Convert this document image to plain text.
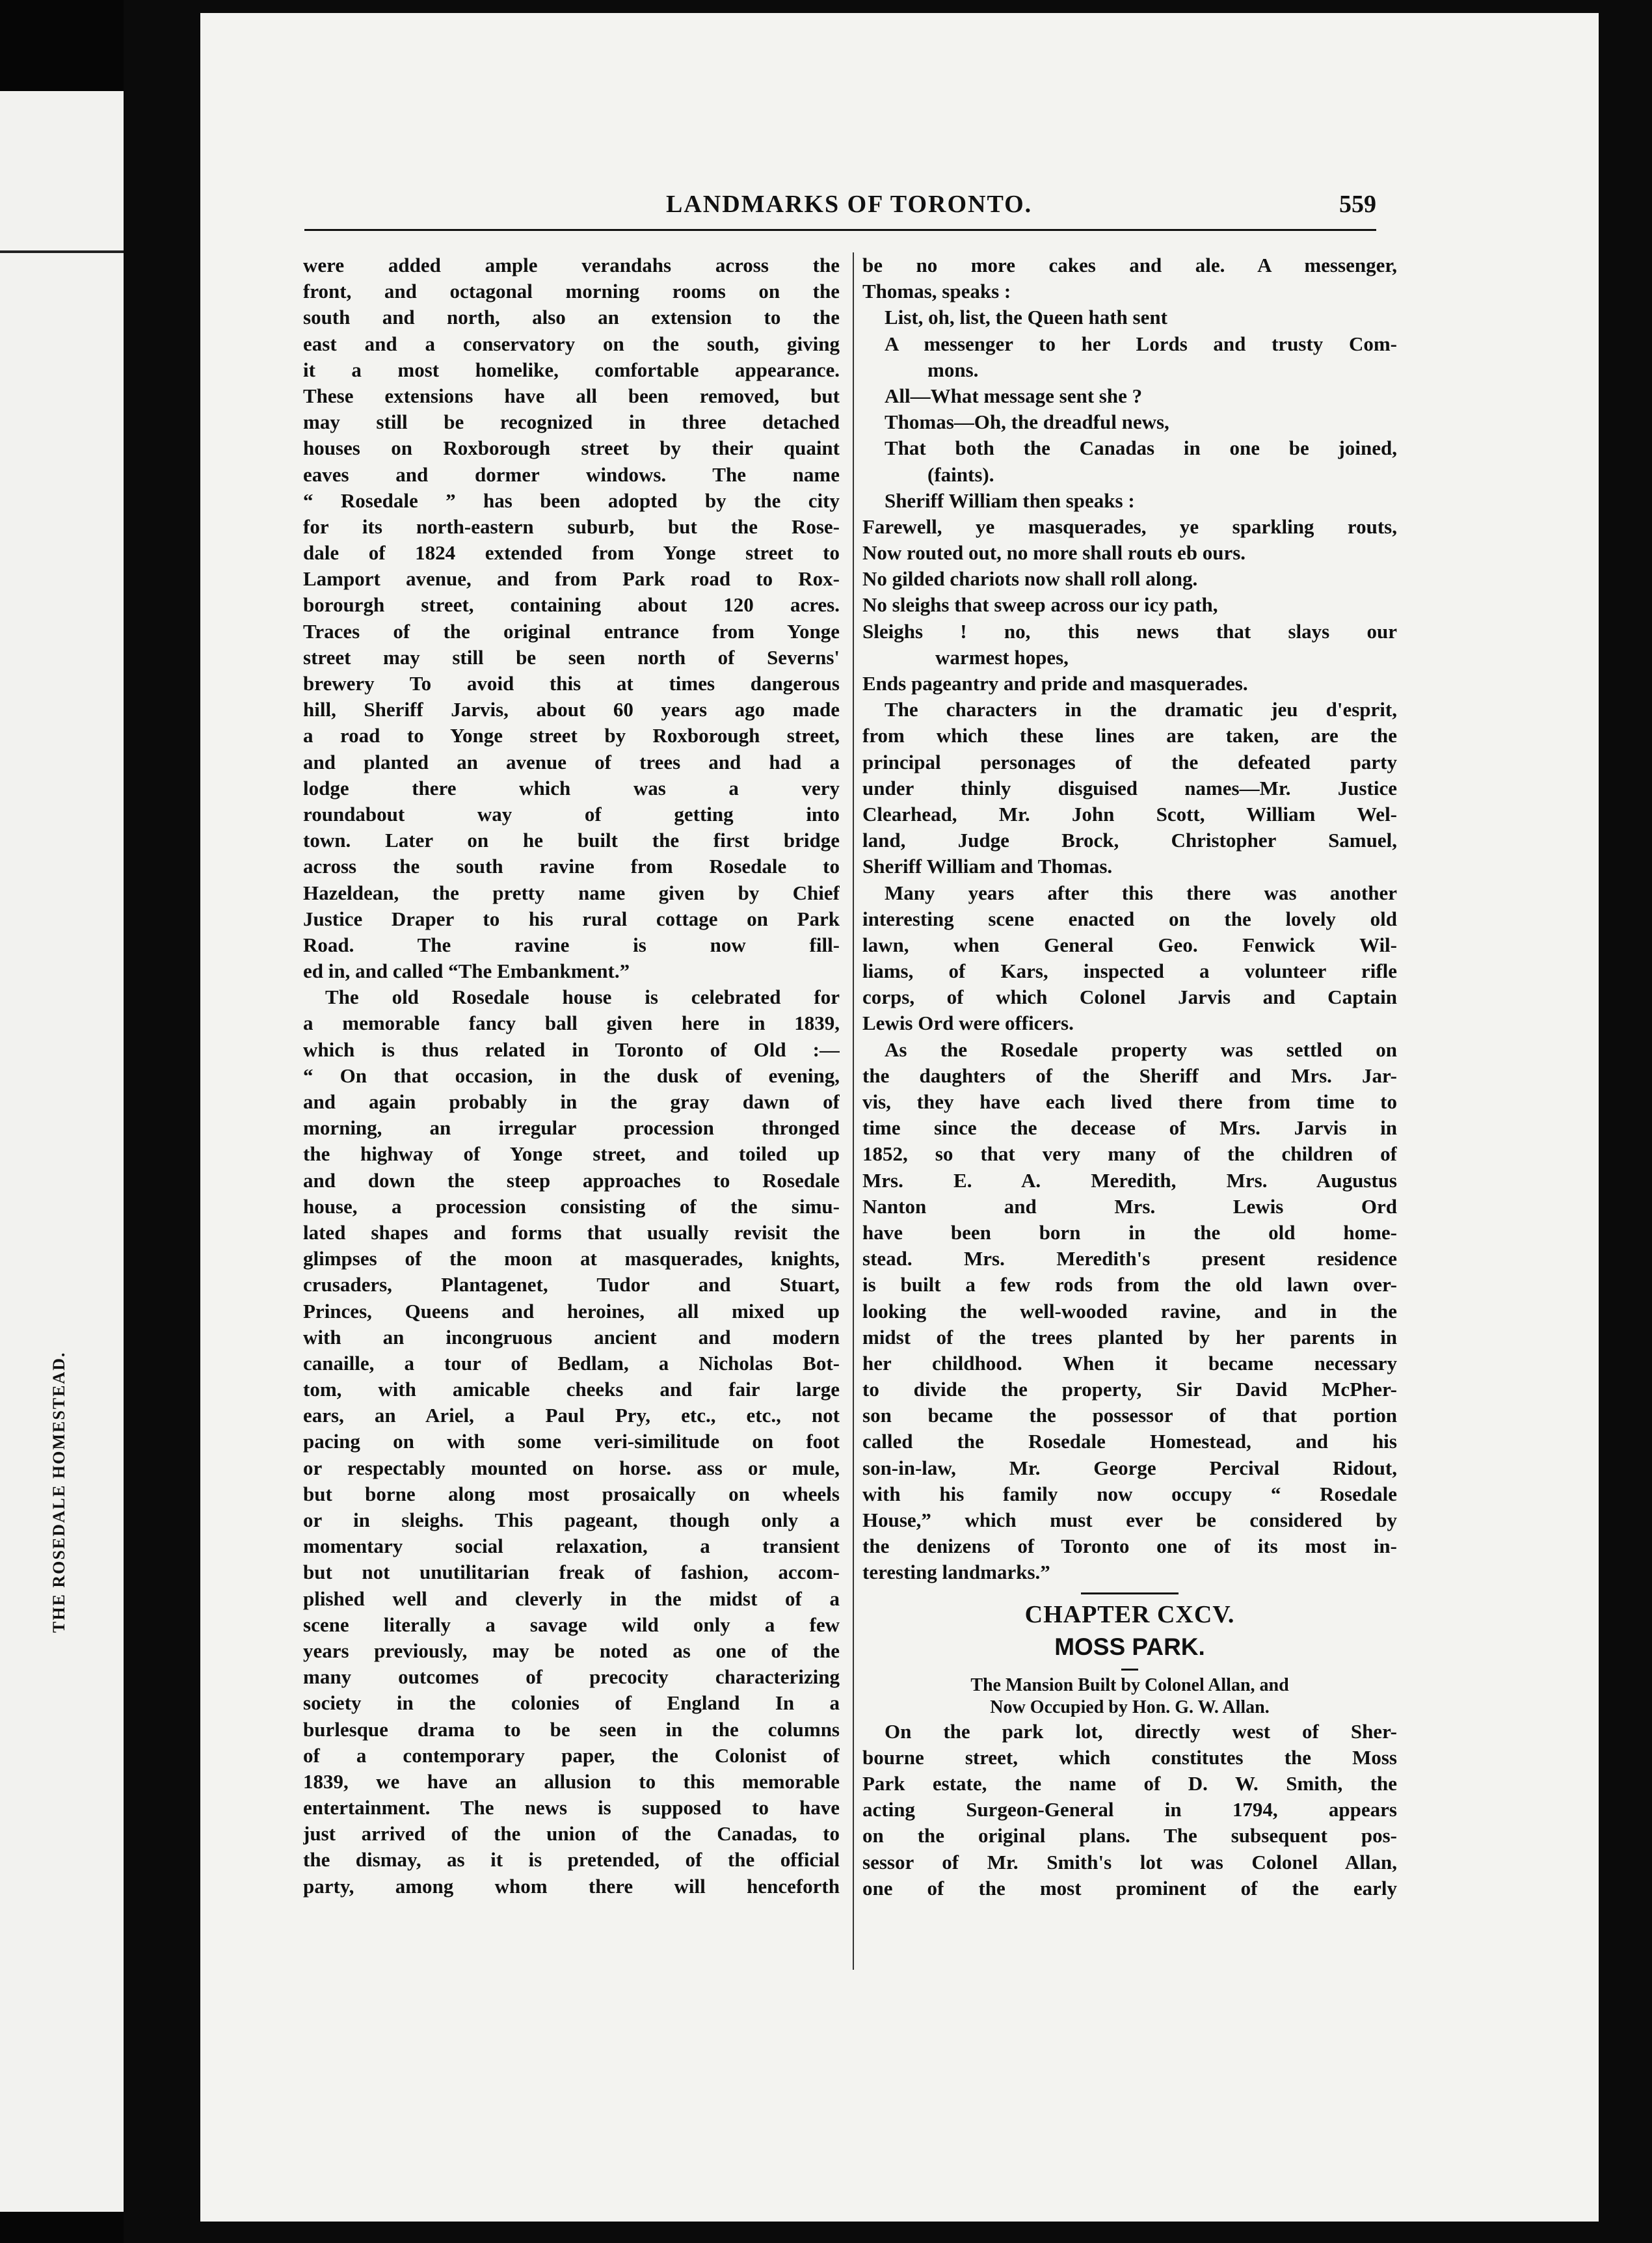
THE ROSEDALE HOMESTEAD.
LANDMARKS OF TORONTO.	559
were added ample verandahs across the
front, and octagonal morning rooms on the
south and north, also an extension to the
east and a conservatory on the south, giving
it a most homelike, comfortable appearance.
These extensions have all been removed, but
may still be recognized in three detached
houses on Roxborough street by their quaint
eaves and dormer windows. The name
“ Rosedale ” has been adopted by the city
for its north-eastern suburb, but the Rose-
dale of 1824 extended from Yonge street to
Lamport avenue, and from Park road to Rox-
borourgh street, containing about 120 acres.
Traces of the original entrance from Yonge
street may still be seen north of Severns'
brewery To avoid this at times dangerous
hill, Sheriff Jarvis, about 60 years ago made
a road to Yonge street by Roxborough street,
and planted an avenue of trees and had a
lodge there which was a very
roundabout way of getting into
town. Later on he built the first bridge
across the south ravine from Rosedale to
Hazeldean, the pretty name given by Chief
Justice Draper to his rural cottage on Park
Road. The ravine is now fill-
ed in, and called “The Embankment.”
The old Rosedale house is celebrated for
a memorable fancy ball given here in 1839,
which is thus related in Toronto of Old :—
“ On that occasion, in the dusk of evening,
and again probably in the gray dawn of
morning, an irregular procession thronged
the highway of Yonge street, and toiled up
and down the steep approaches to Rosedale
house, a procession consisting of the simu-
lated shapes and forms that usually revisit the
glimpses of the moon at masquerades, knights,
crusaders, Plantagenet, Tudor and Stuart,
Princes, Queens and heroines, all mixed up
with an incongruous ancient and modern
canaille, a tour of Bedlam, a Nicholas Bot-
tom, with amicable cheeks and fair large
ears, an Ariel, a Paul Pry, etc., etc., not
pacing on with some veri-similitude on foot
or respectably mounted on horse. ass or mule,
but borne along most prosaically on wheels
or in sleighs. This pageant, though only a
momentary social relaxation, a transient
but not unutilitarian freak of fashion, accom-
plished well and cleverly in the midst of a
scene literally a savage wild only a few
years previously, may be noted as one of the
many outcomes of precocity characterizing
society in the colonies of England In a
burlesque drama to be seen in the columns
of a contemporary paper, the Colonist of
1839, we have an allusion to this memorable
entertainment. The news is supposed to have
just arrived of the union of the Canadas, to
the dismay, as it is pretended, of the official
party, among whom there will henceforth
be no more cakes and ale. A messenger,
Thomas, speaks :
List, oh, list, the Queen hath sent
A messenger to her Lords and trusty Com-
mons.
All—What message sent she ?
Thomas—Oh, the dreadful news,
That both the Canadas in one be joined,
(faints).
Sheriff William then speaks :
Farewell, ye masquerades, ye sparkling routs,
Now routed out, no more shall routs eb ours.
No gilded chariots now shall roll along.
No sleighs that sweep across our icy path,
Sleighs ! no, this news that slays our
warmest hopes,
Ends pageantry and pride and masquerades.
The characters in the dramatic jeu d'esprit,
from which these lines are taken, are the
principal personages of the defeated party
under thinly disguised names—Mr. Justice
Clearhead, Mr. John Scott, William Wel-
land, Judge Brock, Christopher Samuel,
Sheriff William and Thomas.
Many years after this there was another
interesting scene enacted on the lovely old
lawn, when General Geo. Fenwick Wil-
liams, of Kars, inspected a volunteer rifle
corps, of which Colonel Jarvis and Captain
Lewis Ord were officers.
As the Rosedale property was settled on
the daughters of the Sheriff and Mrs. Jar-
vis, they have each lived there from time to
time since the decease of Mrs. Jarvis in
1852, so that very many of the children of
Mrs. E. A. Meredith, Mrs. Augustus
Nanton and Mrs. Lewis Ord
have been born in the old home-
stead. Mrs. Meredith's present residence
is built a few rods from the old lawn over-
looking the well-wooded ravine, and in the
midst of the trees planted by her parents in
her childhood. When it became necessary
to divide the property, Sir David McPher-
son became the possessor of that portion
called the Rosedale Homestead, and his
son-in-law, Mr. George Percival Ridout,
with his family now occupy “ Rosedale
House,” which must ever be considered by
the denizens of Toronto one of its most in-
teresting landmarks.”
CHAPTER CXCV.
MOSS PARK.
The Mansion Built by Colonel Allan, and
Now Occupied by Hon. G. W. Allan.
On the park lot, directly west of Sher-
bourne street, which constitutes the Moss
Park estate, the name of D. W. Smith, the
acting Surgeon-General in 1794, appears
on the original plans. The subsequent pos-
sessor of Mr. Smith's lot was Colonel Allan,
one of the most prominent of the early
